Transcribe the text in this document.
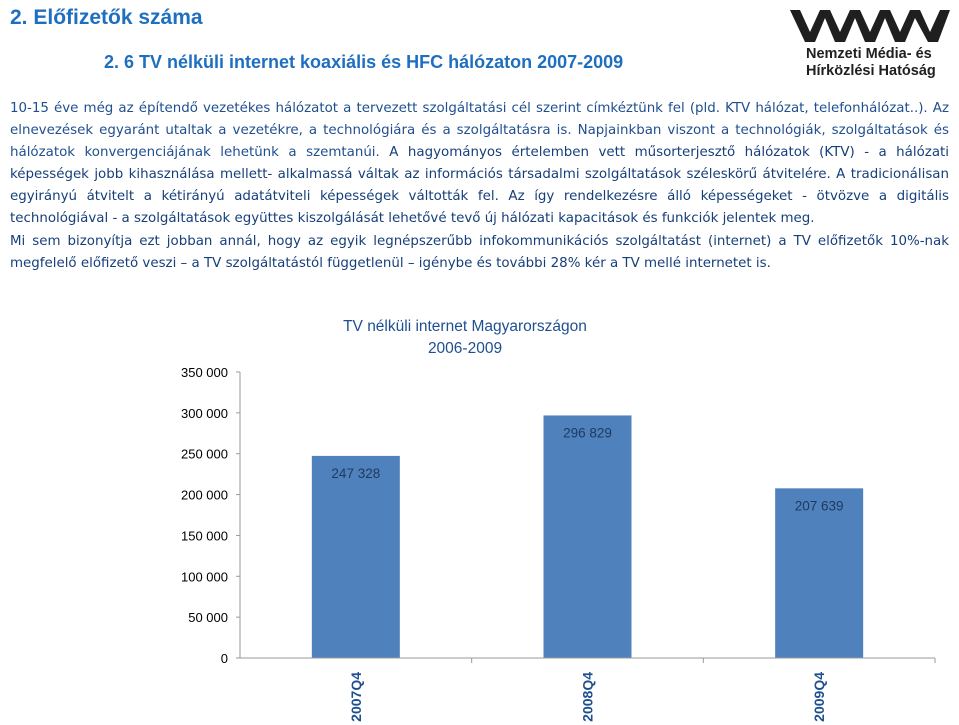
2. Előfizetők száma
2. 6 TV nélküli internet koaxiális és HFC hálózaton 2007-2009	Nemzeti Média- és
Hírközlési Hatóság

10-15 éve még az építendő vezetékes hálózatot a tervezett szolgáltatási cél szerint címkéztünk fel (pld. KTV hálózat, telefonhálózat..). Az elnevezések egyaránt utaltak a vezetékre, a technológiára és a szolgáltatásra is. Napjainkban viszont a technológiák, szolgáltatások és hálózatok konvergenciájának lehetünk a szemtanúi. A hagyományos értelemben vett műsorterjesztő hálózatok (KTV) - a hálózati képességek jobb kihasználása mellett- alkalmassá váltak az információs társadalmi szolgáltatások széleskörű átvitelére. A tradicionálisan egyirányú átvitelt a kétirányú adatátviteli képességek váltották fel. Az így rendelkezésre álló képességeket - ötvözve a digitális technológiával - a szolgáltatások együttes kiszolgálását lehetővé tevő új hálózati kapacitások és funkciók jelentek meg.
Mi sem bizonyítja ezt jobban annál, hogy az egyik legnépszerűbb infokommunikációs szolgáltatást (internet) a TV előfizetők 10%-nak megfelelő előfizető veszi – a TV szolgáltatástól függetlenül – igénybe és további 28% kér a TV mellé internetet is.

TV nélküli internet Magyarországon
2006-2009
0
50 000
100 000
150 000
200 000
250 000
300 000
350 000
247 328
296 829
207 639
2007Q4	2008Q4	2009Q4
